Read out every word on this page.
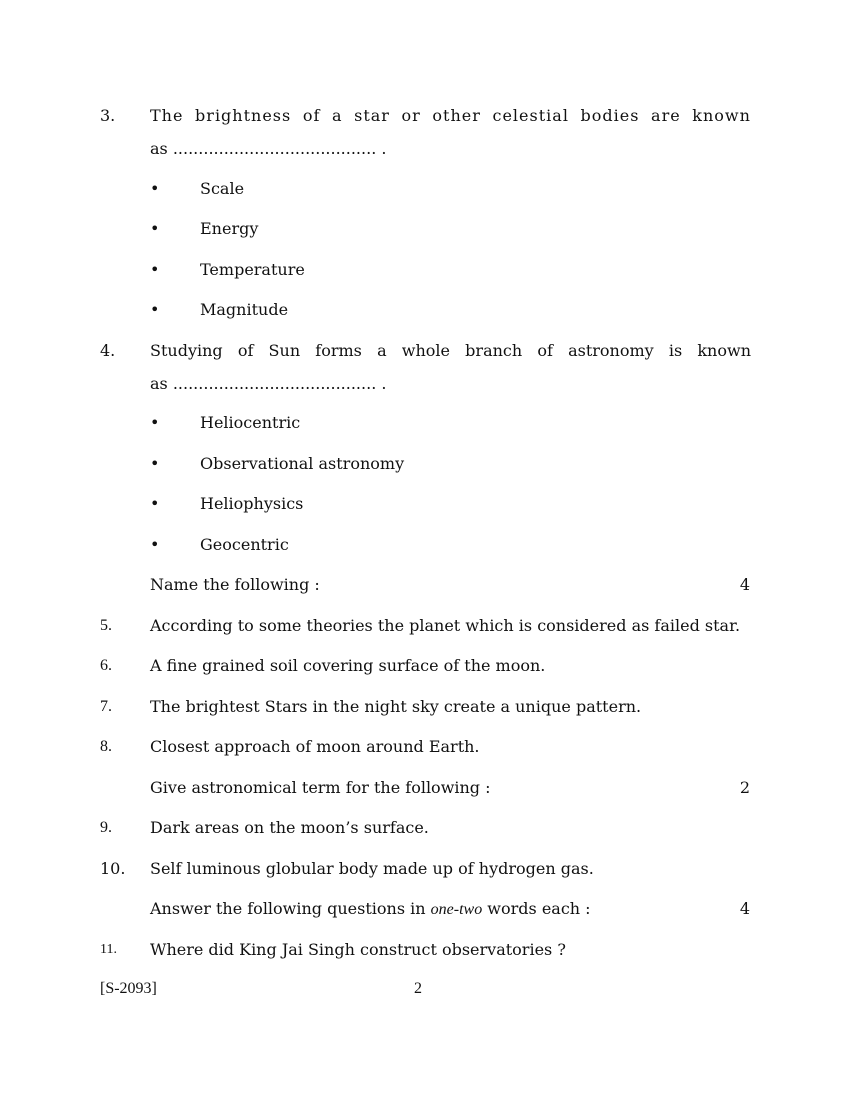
3. The brightness of a star or other celestial bodies are known
as ........................................ .
•	Scale
•	Energy
•	Temperature
•	Magnitude
4. Studying of Sun forms a whole branch of astronomy is known
as ........................................ .
•	Heliocentric
•	Observational astronomy
•	Heliophysics
•	Geocentric
Name the following :	4
5. According to some theories the planet which is considered as failed star.
6. A fine grained soil covering surface of the moon.
7. The brightest Stars in the night sky create a unique pattern.
8. Closest approach of moon around Earth.
Give astronomical term for the following :	2
9. Dark areas on the moon’s surface.
10. Self luminous globular body made up of hydrogen gas.
Answer the following questions in one-two words each :	4
11. Where did King Jai Singh construct observatories ?
[S-2093]	2
